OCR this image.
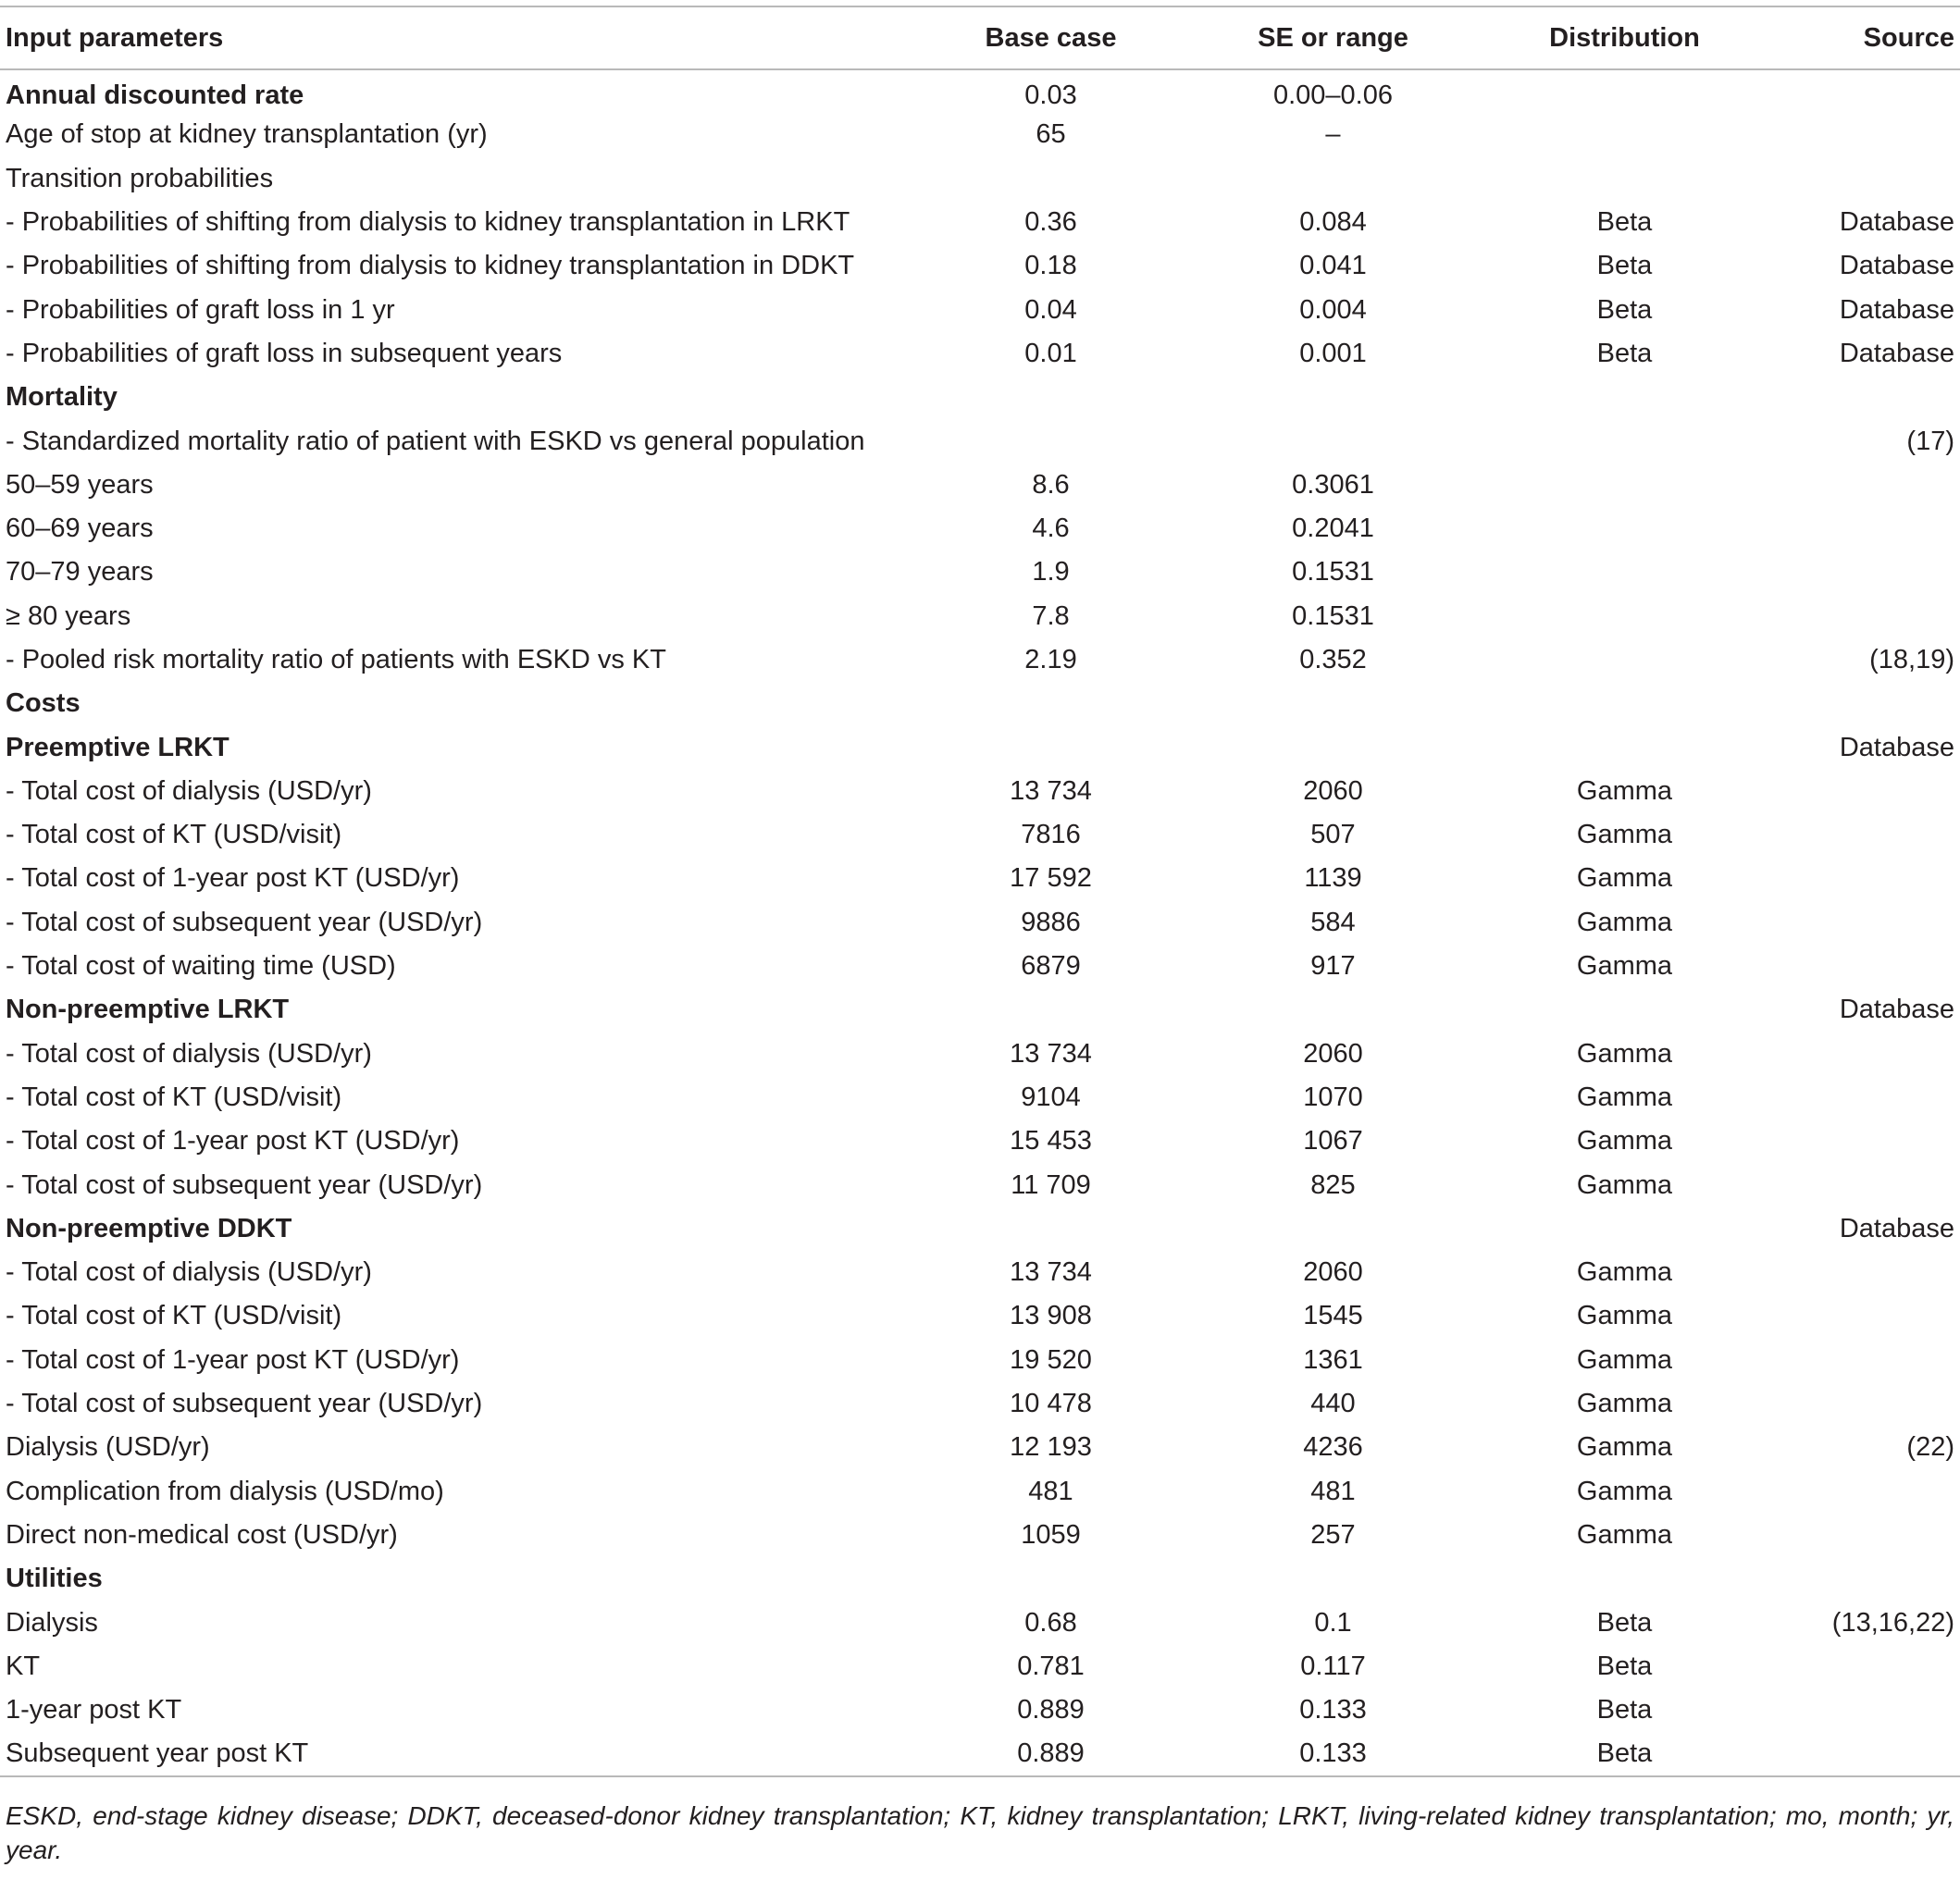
Input parameters	Base case	SE or range	Distribution	Source
Annual discounted rate	0.03	0.00–0.06		
Age of stop at kidney transplantation (yr)	65	–		
Transition probabilities				
- Probabilities of shifting from dialysis to kidney transplantation in LRKT	0.36	0.084	Beta	Database
- Probabilities of shifting from dialysis to kidney transplantation in DDKT	0.18	0.041	Beta	Database
- Probabilities of graft loss in 1 yr	0.04	0.004	Beta	Database
- Probabilities of graft loss in subsequent years	0.01	0.001	Beta	Database
Mortality				
- Standardized mortality ratio of patient with ESKD vs general population				(17)
50–59 years	8.6	0.3061		
60–69 years	4.6	0.2041		
70–79 years	1.9	0.1531		
≥ 80 years	7.8	0.1531		
- Pooled risk mortality ratio of patients with ESKD vs KT	2.19	0.352		(18,19)
Costs				
Preemptive LRKT				Database
- Total cost of dialysis (USD/yr)	13 734	2060	Gamma	
- Total cost of KT (USD/visit)	7816	507	Gamma	
- Total cost of 1-year post KT (USD/yr)	17 592	1139	Gamma	
- Total cost of subsequent year (USD/yr)	9886	584	Gamma	
- Total cost of waiting time (USD)	6879	917	Gamma	
Non-preemptive LRKT				Database
- Total cost of dialysis (USD/yr)	13 734	2060	Gamma	
- Total cost of KT (USD/visit)	9104	1070	Gamma	
- Total cost of 1-year post KT (USD/yr)	15 453	1067	Gamma	
- Total cost of subsequent year (USD/yr)	11 709	825	Gamma	
Non-preemptive DDKT				Database
- Total cost of dialysis (USD/yr)	13 734	2060	Gamma	
- Total cost of KT (USD/visit)	13 908	1545	Gamma	
- Total cost of 1-year post KT (USD/yr)	19 520	1361	Gamma	
- Total cost of subsequent year (USD/yr)	10 478	440	Gamma	
Dialysis (USD/yr)	12 193	4236	Gamma	(22)
Complication from dialysis (USD/mo)	481	481	Gamma	
Direct non-medical cost (USD/yr)	1059	257	Gamma	
Utilities				
Dialysis	0.68	0.1	Beta	(13,16,22)
KT	0.781	0.117	Beta	
1-year post KT	0.889	0.133	Beta	
Subsequent year post KT	0.889	0.133	Beta	
ESKD, end-stage kidney disease; DDKT, deceased-donor kidney transplantation; KT, kidney transplantation; LRKT, living-related kidney transplantation; mo, month; yr, year.
